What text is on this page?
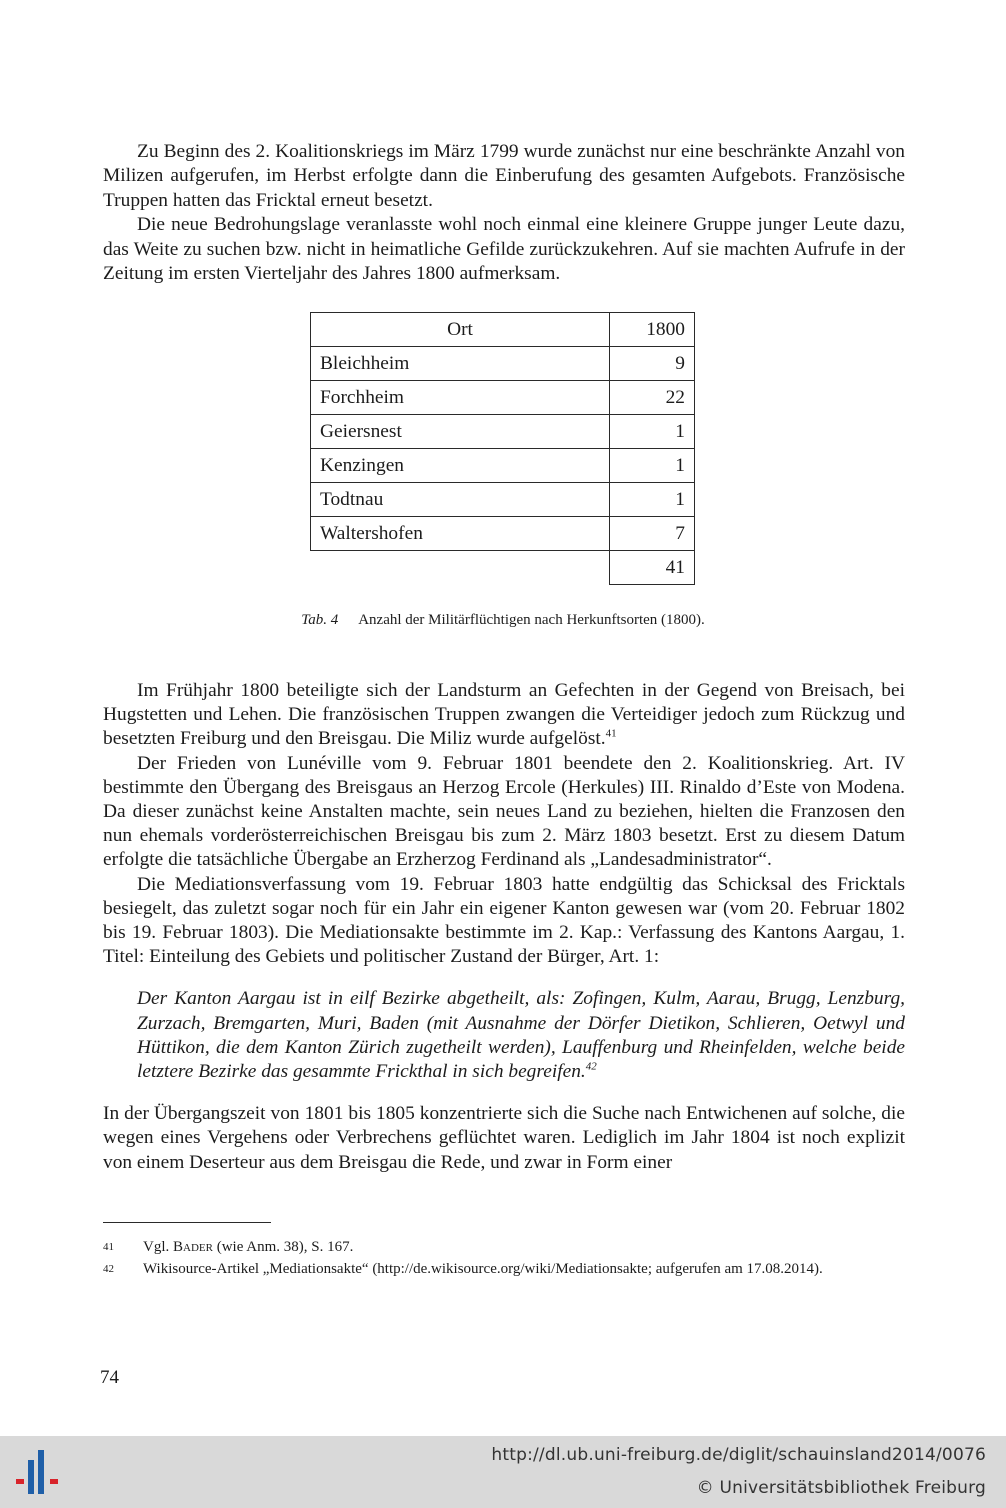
Zu Beginn des 2. Koalitionskriegs im März 1799 wurde zunächst nur eine beschränkte Anzahl von Milizen aufgerufen, im Herbst erfolgte dann die Einberufung des gesamten Aufgebots. Französische Truppen hatten das Fricktal erneut besetzt.

Die neue Bedrohungslage veranlasste wohl noch einmal eine kleinere Gruppe junger Leute dazu, das Weite zu suchen bzw. nicht in heimatliche Gefilde zurückzukehren. Auf sie machten Aufrufe in der Zeitung im ersten Vierteljahr des Jahres 1800 aufmerksam.

Ort	1800
Bleichheim	9
Forchheim	22
Geiersnest	1
Kenzingen	1
Todtnau	1
Waltershofen	7
	41
Tab. 4 Anzahl der Militärflüchtigen nach Herkunftsorten (1800).

Im Frühjahr 1800 beteiligte sich der Landsturm an Gefechten in der Gegend von Breisach, bei Hugstetten und Lehen. Die französischen Truppen zwangen die Verteidiger jedoch zum Rückzug und besetzten Freiburg und den Breisgau. Die Miliz wurde aufgelöst.$^{41}$

Der Frieden von Lunéville vom 9. Februar 1801 beendete den 2. Koalitionskrieg. Art. IV bestimmte den Übergang des Breisgaus an Herzog Ercole (Herkules) III. Rinaldo d’Este von Modena. Da dieser zunächst keine Anstalten machte, sein neues Land zu beziehen, hielten die Franzosen den nun ehemals vorderösterreichischen Breisgau bis zum 2. März 1803 besetzt. Erst zu diesem Datum erfolgte die tatsächliche Übergabe an Erzherzog Ferdinand als „Landesadministrator“.

Die Mediationsverfassung vom 19. Februar 1803 hatte endgültig das Schicksal des Fricktals besiegelt, das zuletzt sogar noch für ein Jahr ein eigener Kanton gewesen war (vom 20. Februar 1802 bis 19. Februar 1803). Die Mediationsakte bestimmte im 2. Kap.: Verfassung des Kantons Aargau, 1. Titel: Einteilung des Gebiets und politischer Zustand der Bürger, Art. 1:

Der Kanton Aargau ist in eilf Bezirke abgetheilt, als: Zofingen, Kulm, Aarau, Brugg, Lenzburg, Zurzach, Bremgarten, Muri, Baden (mit Ausnahme der Dörfer Dietikon, Schlieren, Oetwyl und Hüttikon, die dem Kanton Zürich zugetheilt werden), Lauffenburg und Rheinfelden, welche beide letztere Bezirke das gesammte Frickthal in sich begreifen.$^{42}$

In der Übergangszeit von 1801 bis 1805 konzentrierte sich die Suche nach Entwichenen auf solche, die wegen eines Vergehens oder Verbrechens geflüchtet waren. Lediglich im Jahr 1804 ist noch explizit von einem Deserteur aus dem Breisgau die Rede, und zwar in Form einer

41	Vgl. Bader (wie Anm. 38), S. 167.
42	Wikisource-Artikel „Mediationsakte“ (http://de.wikisource.org/wiki/Mediationsakte; aufgerufen am 17.08.2014).
74
http://dl.ub.uni-freiburg.de/diglit/schauinsland2014/0076
© Universitätsbibliothek Freiburg
